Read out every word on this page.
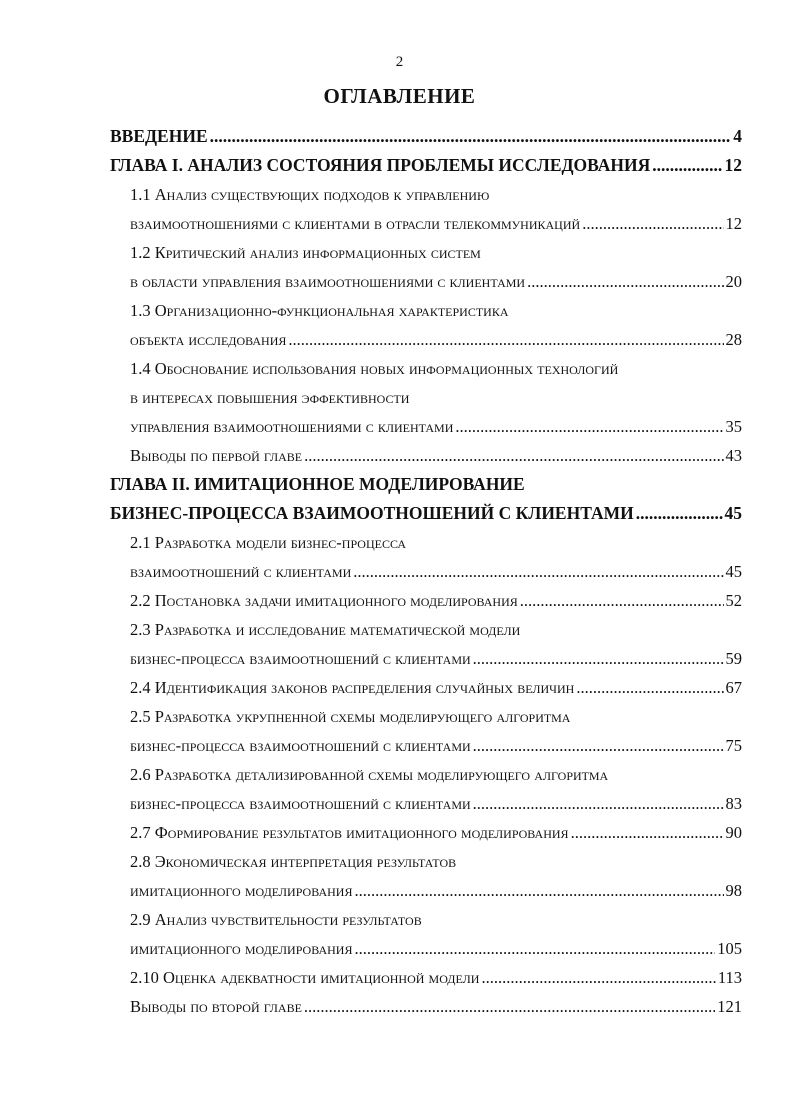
2
ОГЛАВЛЕНИЕ
ВВЕДЕНИЕ .....	4
ГЛАВА I. АНАЛИЗ СОСТОЯНИЯ ПРОБЛЕМЫ ИССЛЕДОВАНИЯ .....	12
1.1 Анализ существующих подходов к управлению
взаимоотношениями с клиентами в отрасли телекоммуникаций .....	12
1.2 Критический анализ информационных систем
в области управления взаимоотношениями с клиентами .....	20
1.3 Организационно-функциональная характеристика
объекта исследования .....	28
1.4 Обоснование использования новых информационных технологий
в интересах повышения эффективности
управления взаимоотношениями с клиентами .....	35
Выводы по первой главе .....	43
ГЛАВА II. ИМИТАЦИОННОЕ МОДЕЛИРОВАНИЕ
БИЗНЕС-ПРОЦЕССА ВЗАИМООТНОШЕНИЙ С КЛИЕНТАМИ .....	45
2.1 Разработка модели бизнес-процесса
взаимоотношений с клиентами .....	45
2.2 Постановка задачи имитационного моделирования .....	52
2.3 Разработка и исследование математической модели
бизнес-процесса взаимоотношений с клиентами .....	59
2.4 Идентификация законов распределения случайных величин .....	67
2.5 Разработка укрупненной схемы моделирующего алгоритма
бизнес-процесса взаимоотношений с клиентами .....	75
2.6 Разработка детализированной схемы моделирующего алгоритма
бизнес-процесса взаимоотношений с клиентами .....	83
2.7 Формирование результатов имитационного моделирования .....	90
2.8 Экономическая интерпретация результатов
имитационного моделирования .....	98
2.9 Анализ чувствительности результатов
имитационного моделирования .....	105
2.10 Оценка адекватности имитационной модели .....	113
Выводы по второй главе .....	121
